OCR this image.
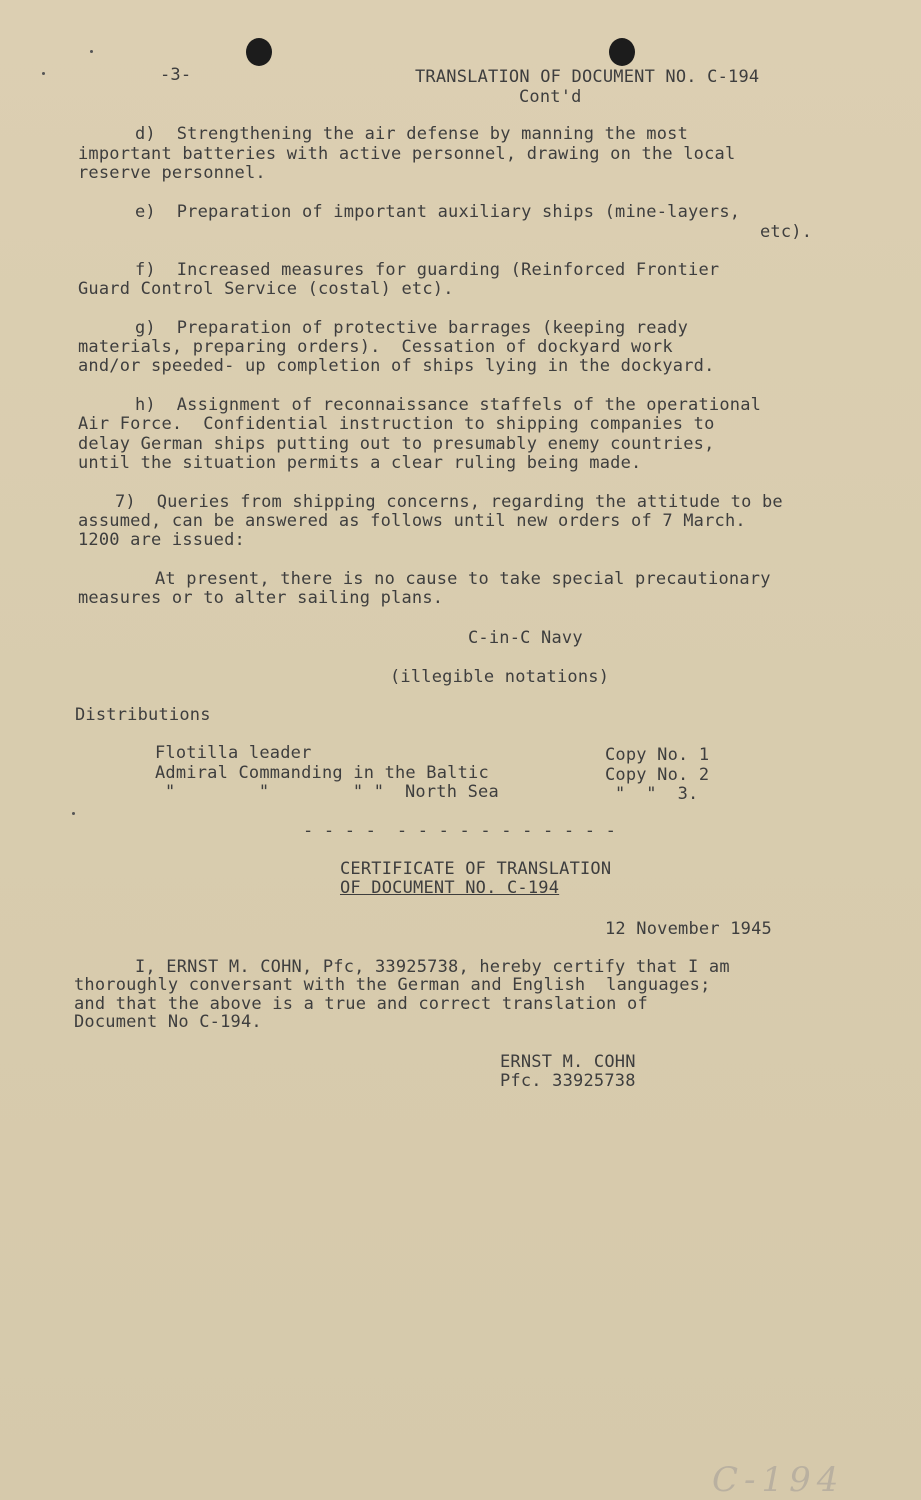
-3-	TRANSLATION OF DOCUMENT NO. C-194
Cont'd
d)  Strengthening the air defense by manning the most
important batteries with active personnel, drawing on the local
reserve personnel.
e)  Preparation of important auxiliary ships (mine-layers,
etc).
f)  Increased measures for guarding (Reinforced Frontier
Guard Control Service (costal) etc).
g)  Preparation of protective barrages (keeping ready
materials, preparing orders).  Cessation of dockyard work
and/or speeded- up completion of ships lying in the dockyard.
h)  Assignment of reconnaissance staffels of the operational
Air Force.  Confidential instruction to shipping companies to
delay German ships putting out to presumably enemy countries,
until the situation permits a clear ruling being made.
7)  Queries from shipping concerns, regarding the attitude to be
assumed, can be answered as follows until new orders of 7 March.
1200 are issued:
At present, there is no cause to take special precautionary
measures or to alter sailing plans.
C-in-C Navy
(illegible notations)
Distributions
Flotilla leader	Copy No. 1
Admiral Commanding in the Baltic	Copy No. 2
"        "        " "  North Sea	"  "  3.
- - - -  - - - - - - - - - - -
CERTIFICATE OF TRANSLATION
OF DOCUMENT NO. C-194
12 November 1945
I, ERNST M. COHN, Pfc, 33925738, hereby certify that I am
thoroughly conversant with the German and English  languages;
and that the above is a true and correct translation of
Document No C-194.
ERNST M. COHN
Pfc. 33925738
C-194
